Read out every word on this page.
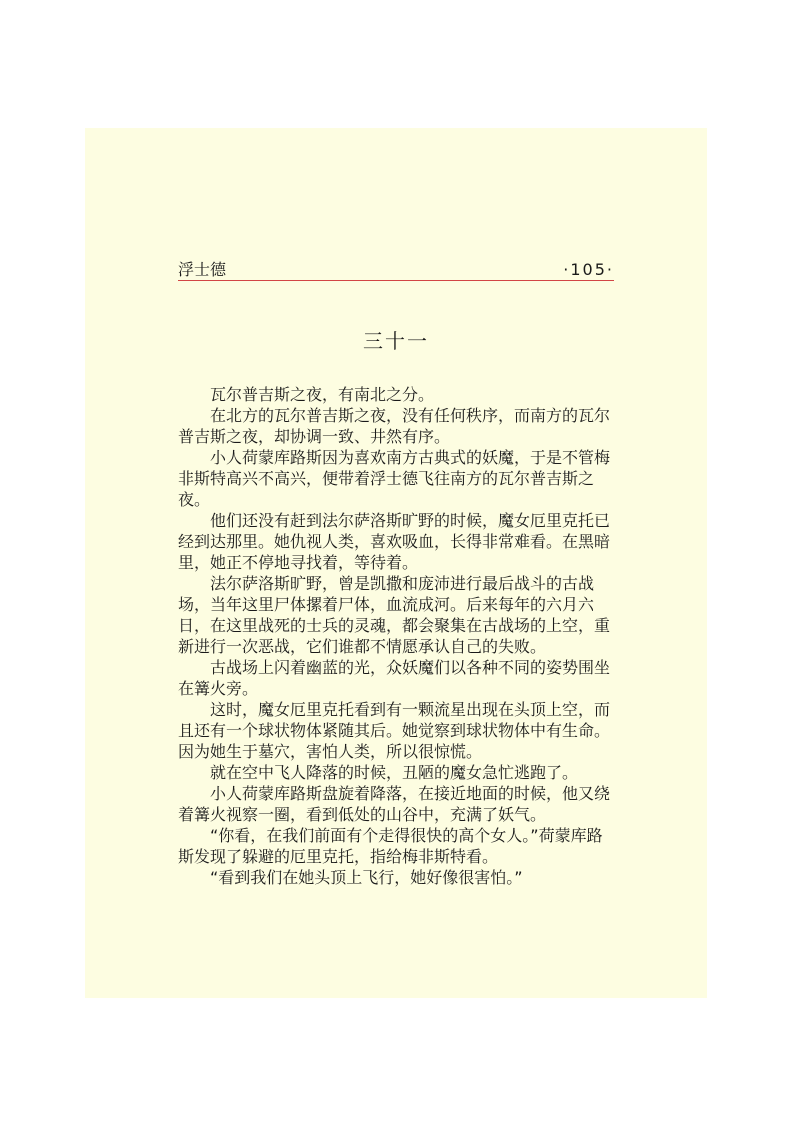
浮士德	·105·
三十一

瓦尔普吉斯之夜，有南北之分。

在北方的瓦尔普吉斯之夜，没有任何秩序，而南方的瓦尔普吉斯之夜，却协调一致、井然有序。

小人荷蒙库路斯因为喜欢南方古典式的妖魔，于是不管梅非斯特高兴不高兴，便带着浮士德飞往南方的瓦尔普吉斯之夜。

他们还没有赶到法尔萨洛斯旷野的时候，魔女厄里克托已经到达那里。她仇视人类，喜欢吸血，长得非常难看。在黑暗里，她正不停地寻找着，等待着。

法尔萨洛斯旷野，曾是凯撒和庞沛进行最后战斗的古战场，当年这里尸体摞着尸体，血流成河。后来每年的六月六日，在这里战死的士兵的灵魂，都会聚集在古战场的上空，重新进行一次恶战，它们谁都不情愿承认自己的失败。

古战场上闪着幽蓝的光，众妖魔们以各种不同的姿势围坐在篝火旁。

这时，魔女厄里克托看到有一颗流星出现在头顶上空，而且还有一个球状物体紧随其后。她觉察到球状物体中有生命。因为她生于墓穴，害怕人类，所以很惊慌。

就在空中飞人降落的时候，丑陋的魔女急忙逃跑了。

小人荷蒙库路斯盘旋着降落，在接近地面的时候，他又绕着篝火视察一圈，看到低处的山谷中，充满了妖气。

“你看，在我们前面有个走得很快的高个女人。”荷蒙库路斯发现了躲避的厄里克托，指给梅非斯特看。

“看到我们在她头顶上飞行，她好像很害怕。”
